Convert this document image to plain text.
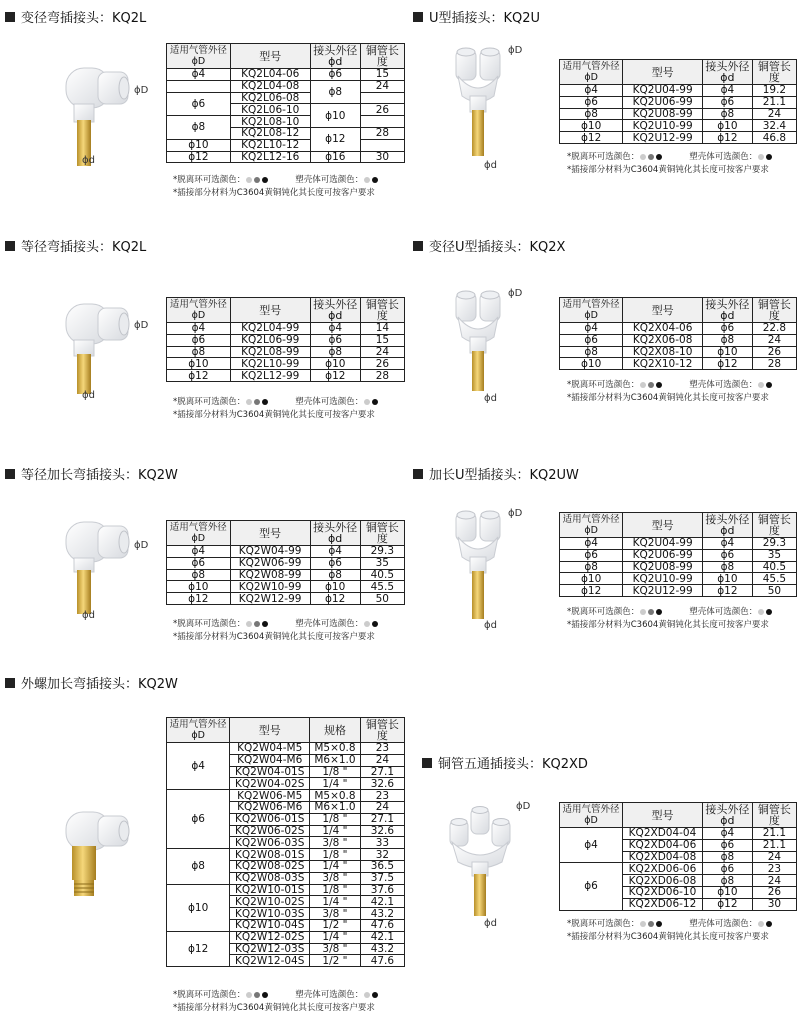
变径弯插接头：KQ2L
ϕD
ϕd
适用气管外径 ϕD	型号	接头外径 ϕd	铜管长度
ϕ4	KQ2L04-06	ϕ6	15
	KQ2L04-08	ϕ8	24
ϕ6	KQ2L06-08		
	KQ2L06-10	ϕ10	26
ϕ8	KQ2L08-10		
	KQ2L08-12	ϕ12	28
ϕ10	KQ2L10-12		
ϕ12	KQ2L12-16	ϕ16	30
*脱离环可选颜色：	塑壳体可选颜色：
*插接部分材料为C3604黄铜钝化其长度可按客户要求
U型插接头：KQ2U
ϕD
ϕd
适用气管外径 ϕD	型号	接头外径 ϕd	铜管长度
ϕ4	KQ2U04-99	ϕ4	19.2
ϕ6	KQ2U06-99	ϕ6	21.1
ϕ8	KQ2U08-99	ϕ8	24
ϕ10	KQ2U10-99	ϕ10	32.4
ϕ12	KQ2U12-99	ϕ12	46.8
*脱离环可选颜色：	塑壳体可选颜色：
*插接部分材料为C3604黄铜钝化其长度可按客户要求
等径弯插接头：KQ2L
ϕD
ϕd
适用气管外径 ϕD	型号	接头外径 ϕd	铜管长度
ϕ4	KQ2L04-99	ϕ4	14
ϕ6	KQ2L06-99	ϕ6	15
ϕ8	KQ2L08-99	ϕ8	24
ϕ10	KQ2L10-99	ϕ10	26
ϕ12	KQ2L12-99	ϕ12	28
*脱离环可选颜色：	塑壳体可选颜色：
*插接部分材料为C3604黄铜钝化其长度可按客户要求
变径U型插接头：KQ2X
ϕD
ϕd
适用气管外径 ϕD	型号	接头外径 ϕd	铜管长度
ϕ4	KQ2X04-06	ϕ6	22.8
ϕ6	KQ2X06-08	ϕ8	24
ϕ8	KQ2X08-10	ϕ10	26
ϕ10	KQ2X10-12	ϕ12	28
*脱离环可选颜色：	塑壳体可选颜色：
*插接部分材料为C3604黄铜钝化其长度可按客户要求
等径加长弯插接头：KQ2W
ϕD
ϕd
适用气管外径 ϕD	型号	接头外径 ϕd	铜管长度
ϕ4	KQ2W04-99	ϕ4	29.3
ϕ6	KQ2W06-99	ϕ6	35
ϕ8	KQ2W08-99	ϕ8	40.5
ϕ10	KQ2W10-99	ϕ10	45.5
ϕ12	KQ2W12-99	ϕ12	50
*脱离环可选颜色：	塑壳体可选颜色：
*插接部分材料为C3604黄铜钝化其长度可按客户要求
加长U型插接头：KQ2UW
ϕD
ϕd
适用气管外径 ϕD	型号	接头外径 ϕd	铜管长度
ϕ4	KQ2U04-99	ϕ4	29.3
ϕ6	KQ2U06-99	ϕ6	35
ϕ8	KQ2U08-99	ϕ8	40.5
ϕ10	KQ2U10-99	ϕ10	45.5
ϕ12	KQ2U12-99	ϕ12	50
*脱离环可选颜色：	塑壳体可选颜色：
*插接部分材料为C3604黄铜钝化其长度可按客户要求
外螺加长弯插接头：KQ2W
适用气管外径 ϕD	型号	规格	铜管长度
ϕ4	KQ2W04-M5	M5×0.8	23
	KQ2W04-M6	M6×1.0	24
	KQ2W04-01S	1/8 "	27.1
	KQ2W04-02S	1/4 "	32.6
ϕ6	KQ2W06-M5	M5×0.8	23
	KQ2W06-M6	M6×1.0	24
	KQ2W06-01S	1/8 "	27.1
	KQ2W06-02S	1/4 "	32.6
	KQ2W06-03S	3/8 "	33
ϕ8	KQ2W08-01S	1/8 "	32
	KQ2W08-02S	1/4 "	36.5
	KQ2W08-03S	3/8 "	37.5
ϕ10	KQ2W10-01S	1/8 "	37.6
	KQ2W10-02S	1/4 "	42.1
	KQ2W10-03S	3/8 "	43.2
	KQ2W10-04S	1/2 "	47.6
ϕ12	KQ2W12-02S	1/4 "	42.1
	KQ2W12-03S	3/8 "	43.2
	KQ2W12-04S	1/2 "	47.6
*脱离环可选颜色：	塑壳体可选颜色：
*插接部分材料为C3604黄铜钝化其长度可按客户要求
铜管五通插接头：KQ2XD
ϕD
ϕd
适用气管外径 ϕD	型号	接头外径 ϕd	铜管长度
ϕ4	KQ2XD04-04	ϕ4	21.1
	KQ2XD04-06	ϕ6	21.1
	KQ2XD04-08	ϕ8	24
ϕ6	KQ2XD06-06	ϕ6	23
	KQ2XD06-08	ϕ8	24
	KQ2XD06-10	ϕ10	26
	KQ2XD06-12	ϕ12	30
*脱离环可选颜色：	塑壳体可选颜色：
*插接部分材料为C3604黄铜钝化其长度可按客户要求
